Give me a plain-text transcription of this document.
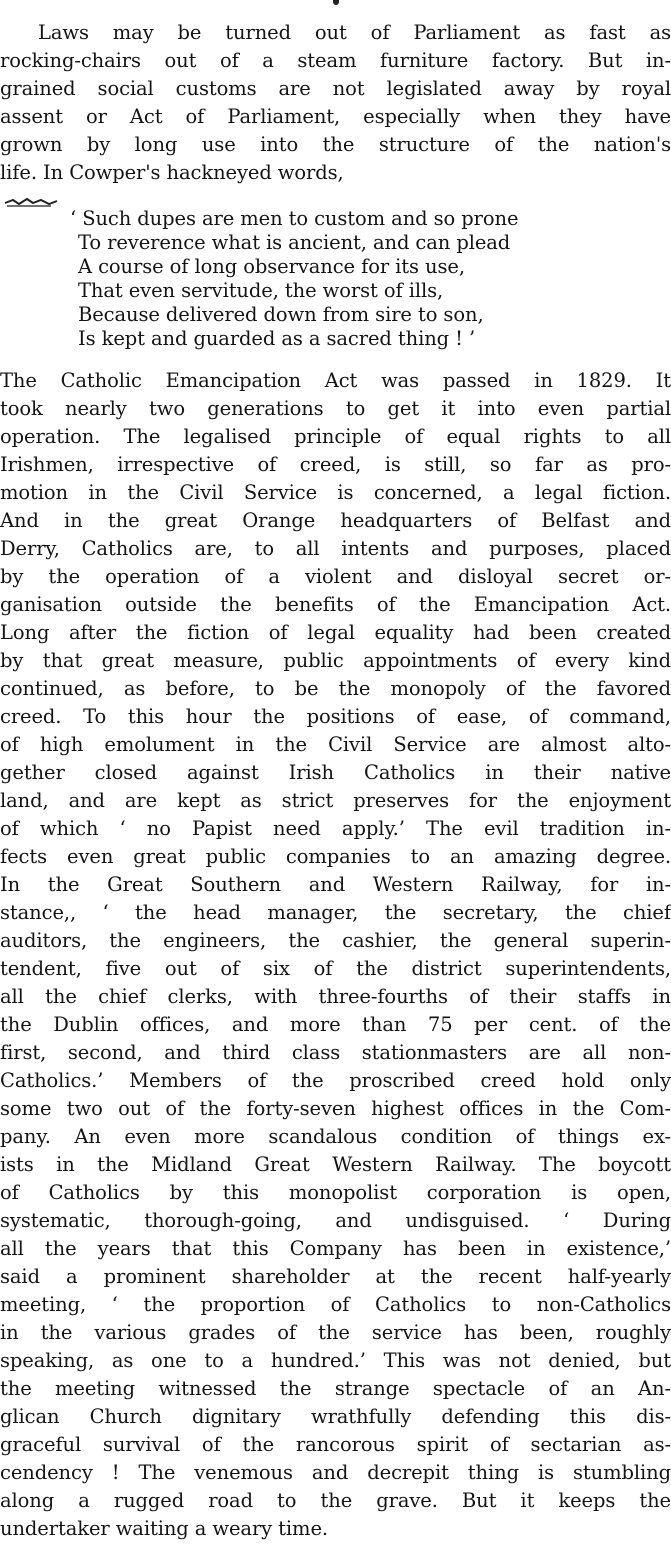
Laws may be turned out of Parliament as fast as
rocking-chairs out of a steam furniture factory. But in-
grained social customs are not legislated away by royal
assent or Act of Parliament, especially when they have
grown by long use into the structure of the nation's
life. In Cowper's hackneyed words,
‘ Such dupes are men to custom and so prone
To reverence what is ancient, and can plead
A course of long observance for its use,
That even servitude, the worst of ills,
Because delivered down from sire to son,
Is kept and guarded as a sacred thing ! ’
The Catholic Emancipation Act was passed in 1829. It
took nearly two generations to get it into even partial
operation. The legalised principle of equal rights to all
Irishmen, irrespective of creed, is still, so far as pro-
motion in the Civil Service is concerned, a legal fiction.
And in the great Orange headquarters of Belfast and
Derry, Catholics are, to all intents and purposes, placed
by the operation of a violent and disloyal secret or-
ganisation outside the benefits of the Emancipation Act.
Long after the fiction of legal equality had been created
by that great measure, public appointments of every kind
continued, as before, to be the monopoly of the favored
creed. To this hour the positions of ease, of command,
of high emolument in the Civil Service are almost alto-
gether closed against Irish Catholics in their native
land, and are kept as strict preserves for the enjoyment
of which ‘ no Papist need apply.’ The evil tradition in-
fects even great public companies to an amazing degree.
In the Great Southern and Western Railway, for in-
stance,, ‘ the head manager, the secretary, the chief
auditors, the engineers, the cashier, the general superin-
tendent, five out of six of the district superintendents,
all the chief clerks, with three-fourths of their staffs in
the Dublin offices, and more than 75 per cent. of the
first, second, and third class stationmasters are all non-
Catholics.’ Members of the proscribed creed hold only
some two out of the forty-seven highest offices in the Com-
pany. An even more scandalous condition of things ex-
ists in the Midland Great Western Railway. The boycott
of Catholics by this monopolist corporation is open,
systematic, thorough-going, and undisguised. ‘ During
all the years that this Company has been in existence,’
said a prominent shareholder at the recent half-yearly
meeting, ‘ the proportion of Catholics to non-Catholics
in the various grades of the service has been, roughly
speaking, as one to a hundred.’ This was not denied, but
the meeting witnessed the strange spectacle of an An-
glican Church dignitary wrathfully defending this dis-
graceful survival of the rancorous spirit of sectarian as-
cendency ! The venemous and decrepit thing is stumbling
along a rugged road to the grave. But it keeps the
undertaker waiting a weary time.
